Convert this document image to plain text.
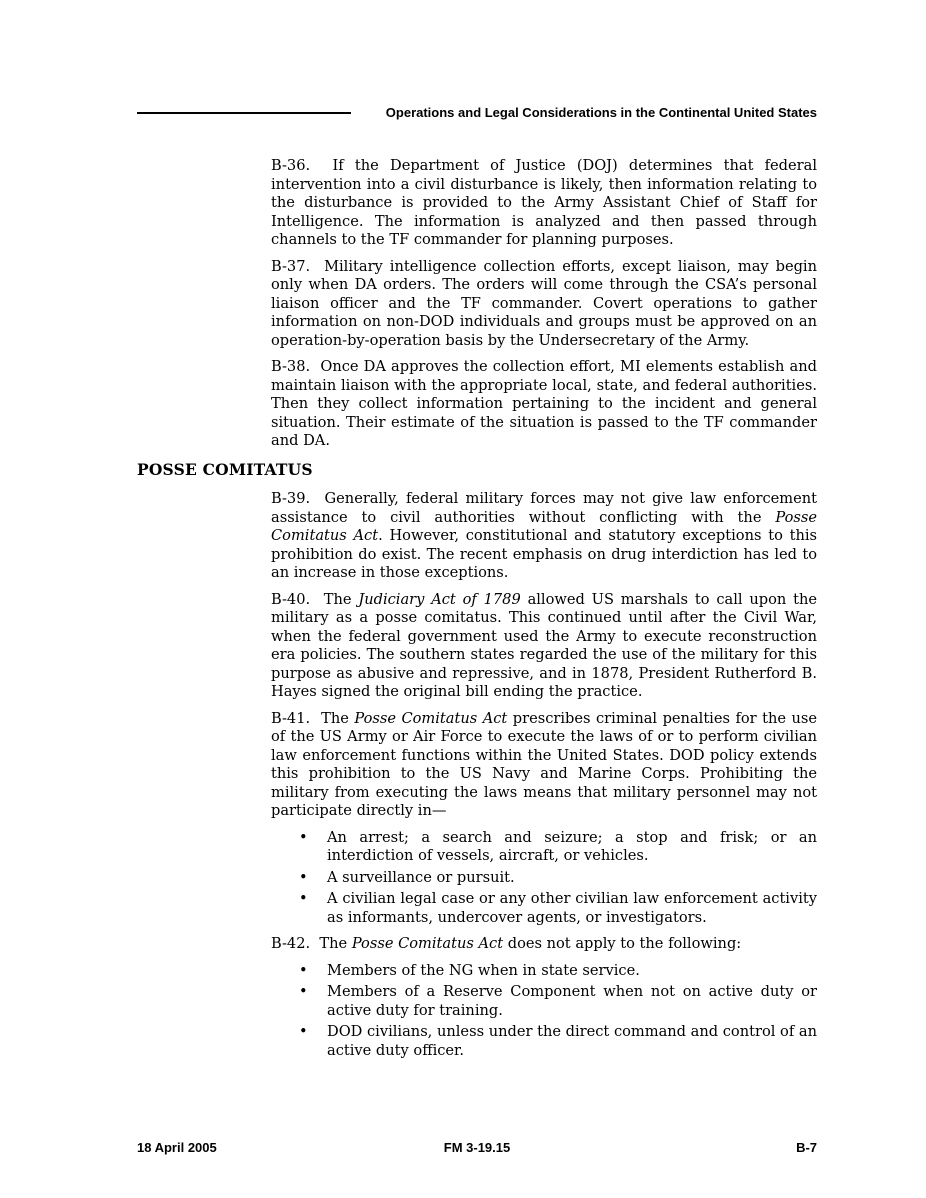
Operations and Legal Considerations in the Continental United States

B-36.  If the Department of Justice (DOJ) determines that federal intervention into a civil disturbance is likely, then information relating to the disturbance is provided to the Army Assistant Chief of Staff for Intelligence. The information is analyzed and then passed through channels to the TF commander for planning purposes.

B-37.  Military intelligence collection efforts, except liaison, may begin only when DA orders. The orders will come through the CSA’s personal liaison officer and the TF commander. Covert operations to gather information on non-DOD individuals and groups must be approved on an operation-by-operation basis by the Undersecretary of the Army.

B-38.  Once DA approves the collection effort, MI elements establish and maintain liaison with the appropriate local, state, and federal authorities. Then they collect information pertaining to the incident and general situation. Their estimate of the situation is passed to the TF commander and DA.

POSSE COMITATUS

B-39.  Generally, federal military forces may not give law enforcement assistance to civil authorities without conflicting with the Posse Comitatus Act. However, constitutional and statutory exceptions to this prohibition do exist. The recent emphasis on drug interdiction has led to an increase in those exceptions.

B-40.  The Judiciary Act of 1789 allowed US marshals to call upon the military as a posse comitatus. This continued until after the Civil War, when the federal government used the Army to execute reconstruction era policies. The southern states regarded the use of the military for this purpose as abusive and repressive, and in 1878, President Rutherford B. Hayes signed the original bill ending the practice.

B-41.  The Posse Comitatus Act prescribes criminal penalties for the use of the US Army or Air Force to execute the laws of or to perform civilian law enforcement functions within the United States. DOD policy extends this prohibition to the US Navy and Marine Corps. Prohibiting the military from executing the laws means that military personnel may not participate directly in—

• An arrest; a search and seizure; a stop and frisk; or an interdiction of vessels, aircraft, or vehicles.
• A surveillance or pursuit.
• A civilian legal case or any other civilian law enforcement activity as informants, undercover agents, or investigators.

B-42.  The Posse Comitatus Act does not apply to the following:

• Members of the NG when in state service.
• Members of a Reserve Component when not on active duty or active duty for training.
• DOD civilians, unless under the direct command and control of an active duty officer.
18 April 2005	FM 3-19.15	B-7
